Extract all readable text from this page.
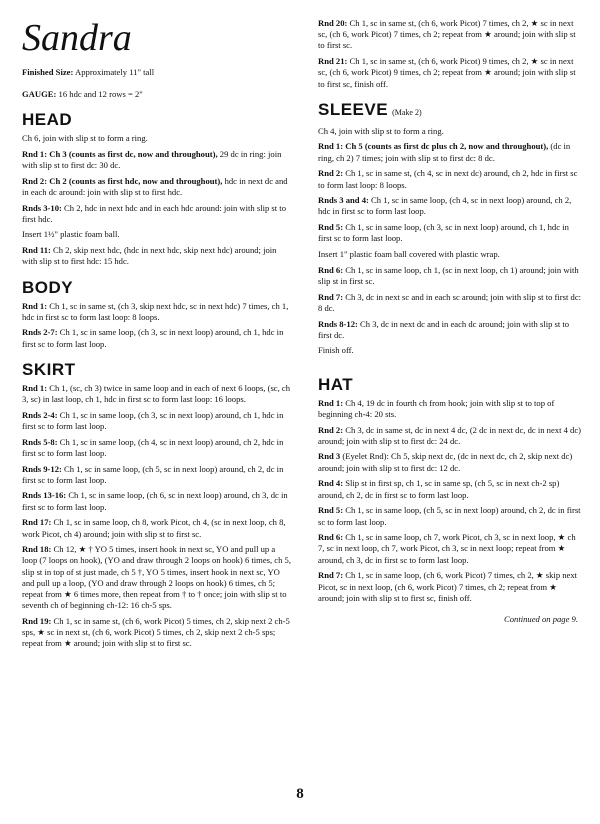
Sandra

Finished Size: Approximately 11" tall

GAUGE: 16 hdc and 12 rows = 2"

HEAD

Ch 6, join with slip st to form a ring.

Rnd 1: Ch 3 (counts as first dc, now and throughout), 29 dc in ring: join with slip st to first dc: 30 dc.

Rnd 2: Ch 2 (counts as first hdc, now and throughout), hdc in next dc and in each dc around: join with slip st to first hdc.

Rnds 3-10: Ch 2, hdc in next hdc and in each hdc around: join with slip st to first hdc.

Insert 1½" plastic foam ball.

Rnd 11: Ch 2, skip next hdc, (hdc in next hdc, skip next hdc) around; join with slip st to first hdc: 15 hdc.

BODY

Rnd 1: Ch 1, sc in same st, (ch 3, skip next hdc, sc in next hdc) 7 times, ch 1, hdc in first sc to form last loop: 8 loops.

Rnds 2-7: Ch 1, sc in same loop, (ch 3, sc in next loop) around, ch 1, hdc in first sc to form last loop.

SKIRT

Rnd 1: Ch 1, (sc, ch 3) twice in same loop and in each of next 6 loops, (sc, ch 3, sc) in last loop, ch 1, hdc in first sc to form last loop: 16 loops.

Rnds 2-4: Ch 1, sc in same loop, (ch 3, sc in next loop) around, ch 1, hdc in first sc to form last loop.

Rnds 5-8: Ch 1, sc in same loop, (ch 4, sc in next loop) around, ch 2, hdc in first sc to form last loop.

Rnds 9-12: Ch 1, sc in same loop, (ch 5, sc in next loop) around, ch 2, dc in first sc to form last loop.

Rnds 13-16: Ch 1, sc in same loop, (ch 6, sc in next loop) around, ch 3, dc in first sc to form last loop.

Rnd 17: Ch 1, sc in same loop, ch 8, work Picot, ch 4, (sc in next loop, ch 8, work Picot, ch 4) around; join with slip st to first sc.

Rnd 18: Ch 12, ★ † YO 5 times, insert hook in next sc, YO and pull up a loop (7 loops on hook), (YO and draw through 2 loops on hook) 6 times, ch 5, slip st in top of st just made, ch 5 †, YO 5 times, insert hook in next sc, YO and pull up a loop, (YO and draw through 2 loops on hook) 6 times, ch 5; repeat from ★ 6 times more, then repeat from † to † once; join with slip st to seventh ch of beginning ch-12: 16 ch-5 sps.

Rnd 19: Ch 1, sc in same st, (ch 6, work Picot) 5 times, ch 2, skip next 2 ch-5 sps, ★ sc in next st, (ch 6, work Picot) 5 times, ch 2, skip next 2 ch-5 sps; repeat from ★ around; join with slip st to first sc.

Rnd 20: Ch 1, sc in same st, (ch 6, work Picot) 7 times, ch 2, ★ sc in next sc, (ch 6, work Picot) 7 times, ch 2; repeat from ★ around; join with slip st to first sc.

Rnd 21: Ch 1, sc in same st, (ch 6, work Picot) 9 times, ch 2, ★ sc in next sc, (ch 6, work Picot) 9 times, ch 2; repeat from ★ around; join with slip st to first sc, finish off.

SLEEVE (Make 2)

Ch 4, join with slip st to form a ring.

Rnd 1: Ch 5 (counts as first dc plus ch 2, now and throughout), (dc in ring, ch 2) 7 times; join with slip st to first dc: 8 dc.

Rnd 2: Ch 1, sc in same st, (ch 4, sc in next dc) around, ch 2, hdc in first sc to form last loop: 8 loops.

Rnds 3 and 4: Ch 1, sc in same loop, (ch 4, sc in next loop) around, ch 2, hdc in first sc to form last loop.

Rnd 5: Ch 1, sc in same loop, (ch 3, sc in next loop) around, ch 1, hdc in first sc to form last loop.

Insert 1" plastic foam ball covered with plastic wrap.

Rnd 6: Ch 1, sc in same loop, ch 1, (sc in next loop, ch 1) around; join with slip st in first sc.

Rnd 7: Ch 3, dc in next sc and in each sc around; join with slip st to first dc: 8 dc.

Rnds 8-12: Ch 3, dc in next dc and in each dc around; join with slip st to first dc.

Finish off.

HAT

Rnd 1: Ch 4, 19 dc in fourth ch from hook; join with slip st to top of beginning ch-4: 20 sts.

Rnd 2: Ch 3, dc in same st, dc in next 4 dc, (2 dc in next dc, dc in next 4 dc) around; join with slip st to first dc: 24 dc.

Rnd 3 (Eyelet Rnd): Ch 5, skip next dc, (dc in next dc, ch 2, skip next dc) around; join with slip st to first dc: 12 dc.

Rnd 4: Slip st in first sp, ch 1, sc in same sp, (ch 5, sc in next ch-2 sp) around, ch 2, dc in first sc to form last loop.

Rnd 5: Ch 1, sc in same loop, (ch 5, sc in next loop) around, ch 2, dc in first sc to form last loop.

Rnd 6: Ch 1, sc in same loop, ch 7, work Picot, ch 3, sc in next loop, ★ ch 7, sc in next loop, ch 7, work Picot, ch 3, sc in next loop; repeat from ★ around, ch 3, dc in first sc to form last loop.

Rnd 7: Ch 1, sc in same loop, (ch 6, work Picot) 7 times, ch 2, ★ skip next Picot, sc in next loop, (ch 6, work Picot) 7 times, ch 2; repeat from ★ around; join with slip st to first sc, finish off.

Continued on page 9.
8
